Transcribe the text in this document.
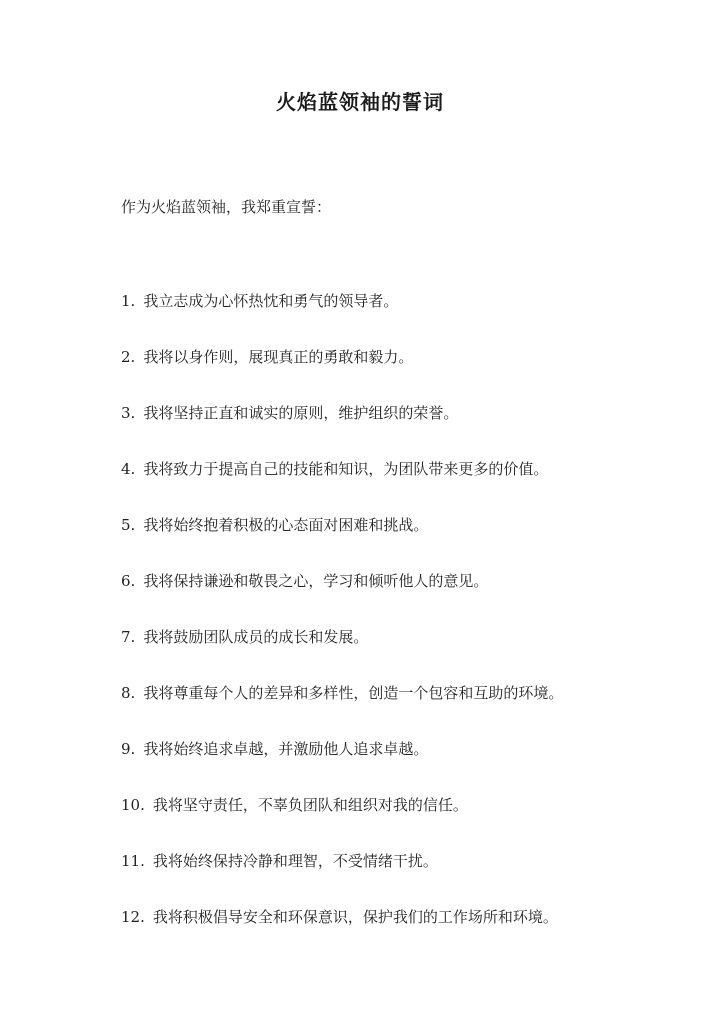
火焰蓝领袖的誓词
作为火焰蓝领袖，我郑重宣誓：
1. 我立志成为心怀热忱和勇气的领导者。
2. 我将以身作则，展现真正的勇敢和毅力。
3. 我将坚持正直和诚实的原则，维护组织的荣誉。
4. 我将致力于提高自己的技能和知识，为团队带来更多的价值。
5. 我将始终抱着积极的心态面对困难和挑战。
6. 我将保持谦逊和敬畏之心，学习和倾听他人的意见。
7. 我将鼓励团队成员的成长和发展。
8. 我将尊重每个人的差异和多样性，创造一个包容和互助的环境。
9. 我将始终追求卓越，并激励他人追求卓越。
10. 我将坚守责任，不辜负团队和组织对我的信任。
11. 我将始终保持冷静和理智，不受情绪干扰。
12. 我将积极倡导安全和环保意识，保护我们的工作场所和环境。
